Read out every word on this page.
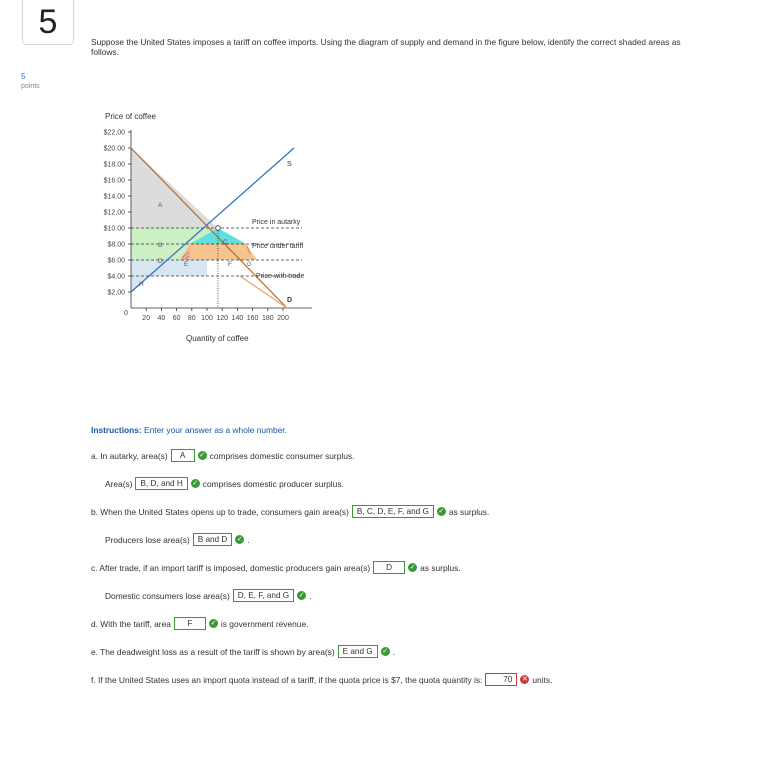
5
5
points
Suppose the United States imposes a tariff on coffee imports. Using the diagram of supply and demand in the figure below, identify the correct shaded areas as follows.
Price of coffee
$22.00
$20.00
$18.00
$16.00
$14.00
$12.00
$10.00
$8.00
$6.00
$4.00
$2.00
20 40 60 80 100 120 140 160 180 200
S
D
Price in autarky
Price under tariff
Price with trade
A
B	C
D	E	F	G
H
0
Quantity of coffee
Instructions: Enter your answer as a whole number.
a. In autarky, area(s)	A	✓ comprises domestic consumer surplus.
Area(s) B, D, and H	✓ comprises domestic producer surplus.
b. When the United States opens up to trade, consumers gain area(s) B, C, D, E, F, and G	✓ as surplus.
Producers lose area(s) B and D	✓ .
c. After trade, if an import tariff is imposed, domestic producers gain area(s)	D	✓ as surplus.
Domestic consumers lose area(s) D, E, F, and G	✓ .
d. With the tariff, area	F	✓ is government revenue.
e. The deadweight loss as a result of the tariff is shown by area(s) E and G	✓ .
f. If the United States uses an import quota instead of a tariff, if the quota price is $7, the quota quantity is:	70	✕ units.
